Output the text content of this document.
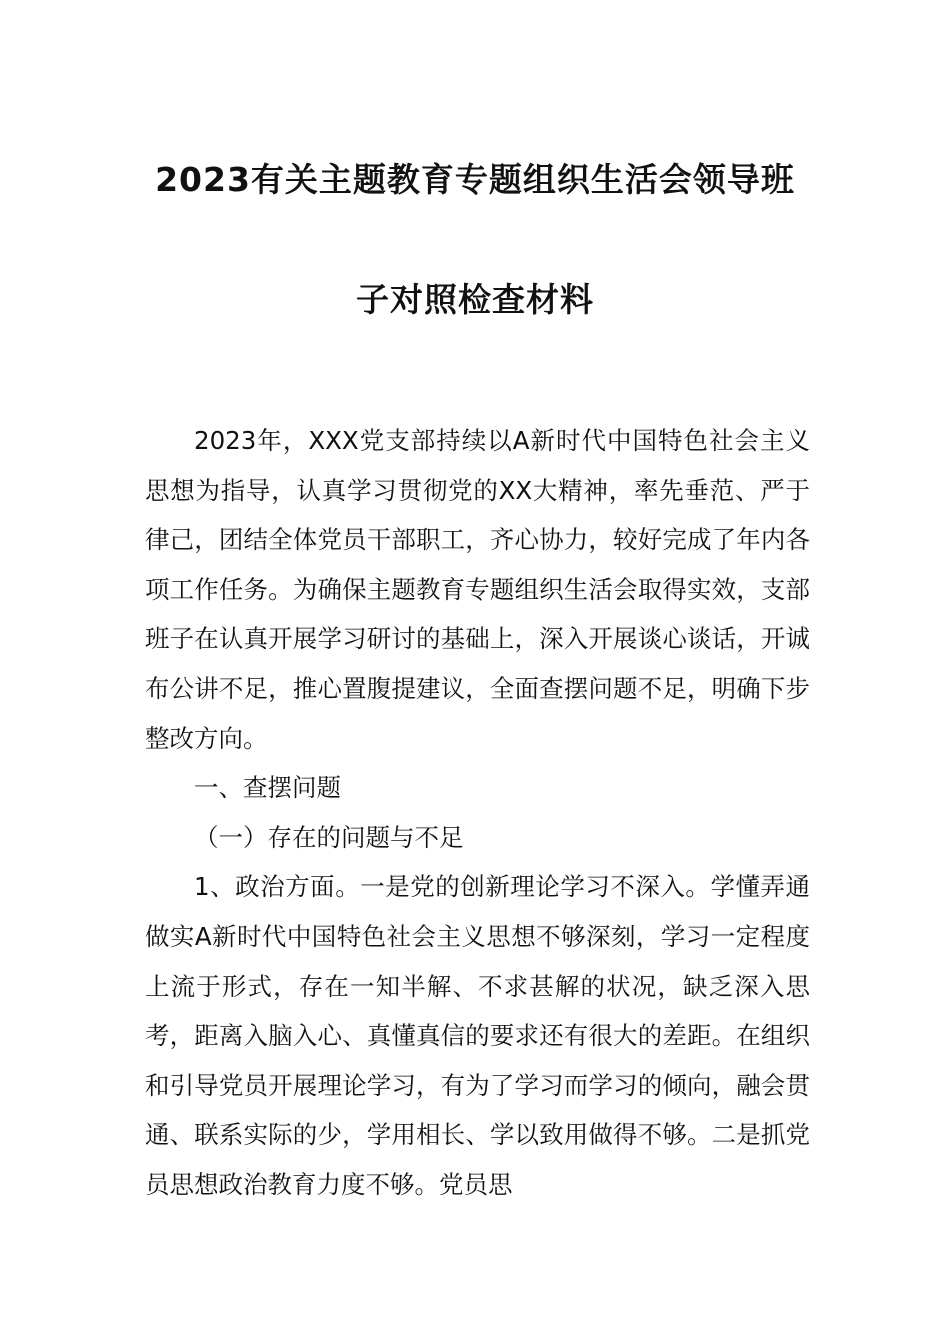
2023有关主题教育专题组织生活会领导班
子对照检查材料

2023年，XXX党支部持续以A新时代中国特色社会主义思想为指导，认真学习贯彻党的XX大精神，率先垂范、严于律己，团结全体党员干部职工，齐心协力，较好完成了年内各项工作任务。为确保主题教育专题组织生活会取得实效，支部班子在认真开展学习研讨的基础上，深入开展谈心谈话，开诚布公讲不足，推心置腹提建议，全面查摆问题不足，明确下步整改方向。

一、查摆问题

（一）存在的问题与不足

1、政治方面。一是党的创新理论学习不深入。学懂弄通做实A新时代中国特色社会主义思想不够深刻，学习一定程度上流于形式，存在一知半解、不求甚解的状况，缺乏深入思考，距离入脑入心、真懂真信的要求还有很大的差距。在组织和引导党员开展理论学习，有为了学习而学习的倾向，融会贯通、联系实际的少，学用相长、学以致用做得不够。二是抓党员思想政治教育力度不够。党员思
